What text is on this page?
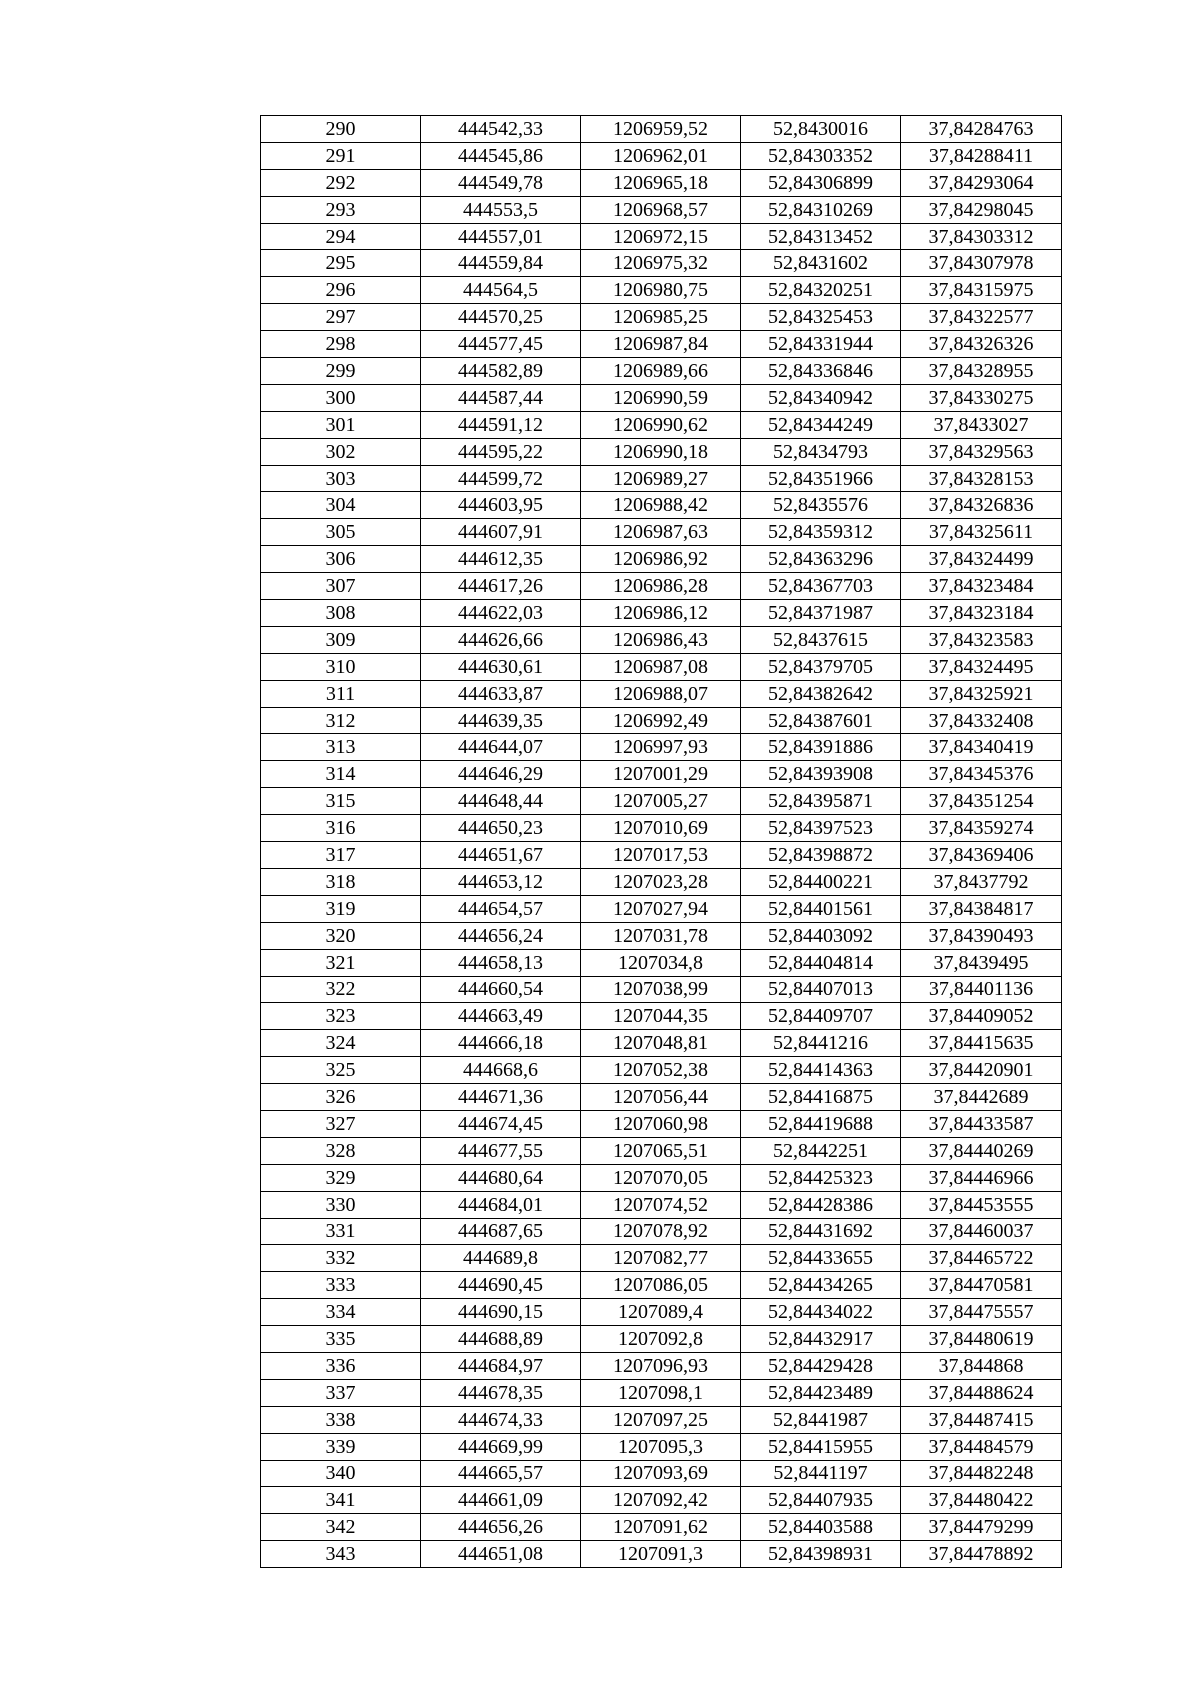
290	444542,33	1206959,52	52,8430016	37,84284763
291	444545,86	1206962,01	52,84303352	37,84288411
292	444549,78	1206965,18	52,84306899	37,84293064
293	444553,5	1206968,57	52,84310269	37,84298045
294	444557,01	1206972,15	52,84313452	37,84303312
295	444559,84	1206975,32	52,8431602	37,84307978
296	444564,5	1206980,75	52,84320251	37,84315975
297	444570,25	1206985,25	52,84325453	37,84322577
298	444577,45	1206987,84	52,84331944	37,84326326
299	444582,89	1206989,66	52,84336846	37,84328955
300	444587,44	1206990,59	52,84340942	37,84330275
301	444591,12	1206990,62	52,84344249	37,8433027
302	444595,22	1206990,18	52,8434793	37,84329563
303	444599,72	1206989,27	52,84351966	37,84328153
304	444603,95	1206988,42	52,8435576	37,84326836
305	444607,91	1206987,63	52,84359312	37,84325611
306	444612,35	1206986,92	52,84363296	37,84324499
307	444617,26	1206986,28	52,84367703	37,84323484
308	444622,03	1206986,12	52,84371987	37,84323184
309	444626,66	1206986,43	52,8437615	37,84323583
310	444630,61	1206987,08	52,84379705	37,84324495
311	444633,87	1206988,07	52,84382642	37,84325921
312	444639,35	1206992,49	52,84387601	37,84332408
313	444644,07	1206997,93	52,84391886	37,84340419
314	444646,29	1207001,29	52,84393908	37,84345376
315	444648,44	1207005,27	52,84395871	37,84351254
316	444650,23	1207010,69	52,84397523	37,84359274
317	444651,67	1207017,53	52,84398872	37,84369406
318	444653,12	1207023,28	52,84400221	37,8437792
319	444654,57	1207027,94	52,84401561	37,84384817
320	444656,24	1207031,78	52,84403092	37,84390493
321	444658,13	1207034,8	52,84404814	37,8439495
322	444660,54	1207038,99	52,84407013	37,84401136
323	444663,49	1207044,35	52,84409707	37,84409052
324	444666,18	1207048,81	52,8441216	37,84415635
325	444668,6	1207052,38	52,84414363	37,84420901
326	444671,36	1207056,44	52,84416875	37,8442689
327	444674,45	1207060,98	52,84419688	37,84433587
328	444677,55	1207065,51	52,8442251	37,84440269
329	444680,64	1207070,05	52,84425323	37,84446966
330	444684,01	1207074,52	52,84428386	37,84453555
331	444687,65	1207078,92	52,84431692	37,84460037
332	444689,8	1207082,77	52,84433655	37,84465722
333	444690,45	1207086,05	52,84434265	37,84470581
334	444690,15	1207089,4	52,84434022	37,84475557
335	444688,89	1207092,8	52,84432917	37,84480619
336	444684,97	1207096,93	52,84429428	37,844868
337	444678,35	1207098,1	52,84423489	37,84488624
338	444674,33	1207097,25	52,8441987	37,84487415
339	444669,99	1207095,3	52,84415955	37,84484579
340	444665,57	1207093,69	52,8441197	37,84482248
341	444661,09	1207092,42	52,84407935	37,84480422
342	444656,26	1207091,62	52,84403588	37,84479299
343	444651,08	1207091,3	52,84398931	37,84478892
